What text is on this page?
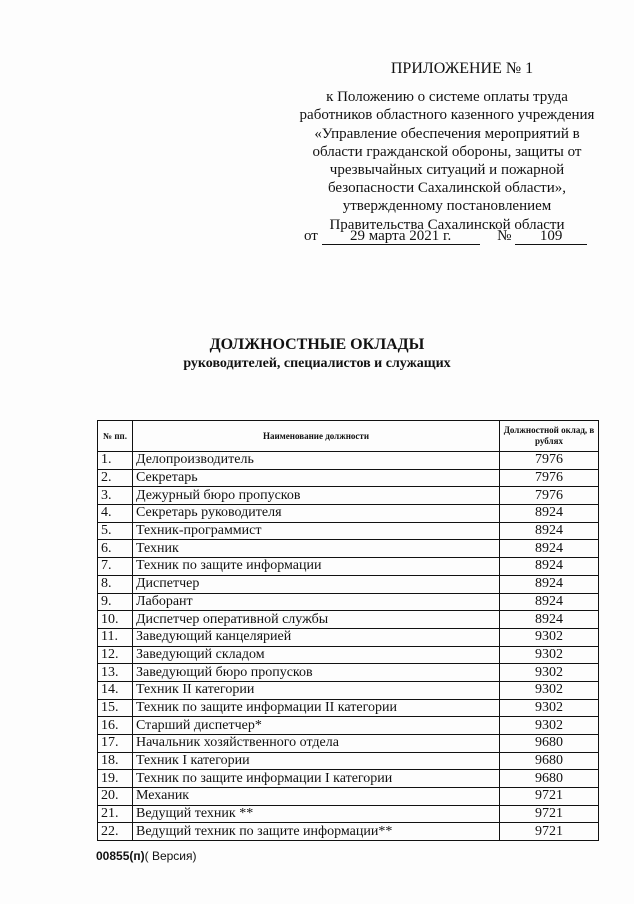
ПРИЛОЖЕНИЕ № 1
к Положению о системе оплаты труда
работников областного казенного учреждения
«Управление обеспечения мероприятий в
области гражданской обороны, защиты от
чрезвычайных ситуаций и пожарной
безопасности Сахалинской области»,
утвержденному постановлением
Правительства Сахалинской области
от 29 марта 2021 г.	№ 109
ДОЛЖНОСТНЫЕ ОКЛАДЫ
руководителей, специалистов и служащих
№ пп.	Наименование должности	Должностной оклад, в рублях
1.	Делопроизводитель	7976
2.	Секретарь	7976
3.	Дежурный бюро пропусков	7976
4.	Секретарь руководителя	8924
5.	Техник-программист	8924
6.	Техник	8924
7.	Техник по защите информации	8924
8.	Диспетчер	8924
9.	Лаборант	8924
10.	Диспетчер оперативной службы	8924
11.	Заведующий канцелярией	9302
12.	Заведующий складом	9302
13.	Заведующий бюро пропусков	9302
14.	Техник II категории	9302
15.	Техник по защите информации II категории	9302
16.	Старший диспетчер*	9302
17.	Начальник хозяйственного отдела	9680
18.	Техник I категории	9680
19.	Техник по защите информации I категории	9680
20.	Механик	9721
21.	Ведущий техник **	9721
22.	Ведущий техник по защите информации**	9721
00855(п)( Версия)
